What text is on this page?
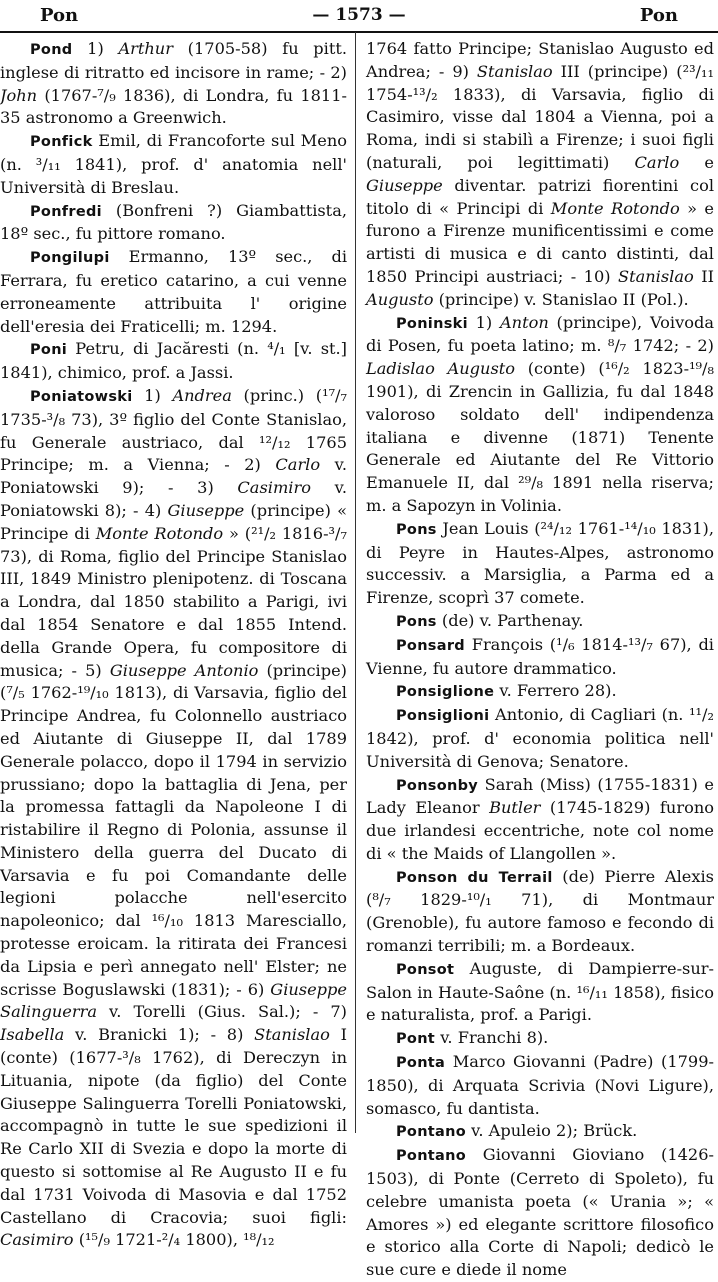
Pon	— 1573 —	Pon

Pond 1) Arthur (1705-58) fu pitt. inglese di ritratto ed incisore in rame; - 2) John (1767-⁷/₉ 1836), di Londra, fu 1811-35 astronomo a Greenwich.

Ponfick Emil, di Francoforte sul Meno (n. ³/₁₁ 1841), prof. d' anatomia nell' Università di Breslau.

Ponfredi (Bonfreni ?) Giambattista, 18º sec., fu pittore romano.

Pongilupi Ermanno, 13º sec., di Ferrara, fu eretico catarino, a cui venne erroneamente attribuita l' origine dell'eresia dei Fraticelli; m. 1294.

Poni Petru, di Jacăresti (n. ⁴/₁ [v. st.] 1841), chimico, prof. a Jassi.

Poniatowski 1) Andrea (princ.) (¹⁷/₇ 1735-³/₈ 73), 3º figlio del Conte Stanislao, fu Generale austriaco, dal ¹²/₁₂ 1765 Principe; m. a Vienna; - 2) Carlo v. Poniatowski 9); - 3) Casimiro v. Poniatowski 8); - 4) Giuseppe (principe) « Principe di Monte Rotondo » (²¹/₂ 1816-³/₇ 73), di Roma, figlio del Principe Stanislao III, 1849 Ministro plenipotenz. di Toscana a Londra, dal 1850 stabilito a Parigi, ivi dal 1854 Senatore e dal 1855 Intend. della Grande Opera, fu compositore di musica; - 5) Giuseppe Antonio (principe) (⁷/₅ 1762-¹⁹/₁₀ 1813), di Varsavia, figlio del Principe Andrea, fu Colonnello austriaco ed Aiutante di Giuseppe II, dal 1789 Generale polacco, dopo il 1794 in servizio prussiano; dopo la battaglia di Jena, per la promessa fattagli da Napoleone I di ristabilire il Regno di Polonia, assunse il Ministero della guerra del Ducato di Varsavia e fu poi Comandante delle legioni polacche nell'esercito napoleonico; dal ¹⁶/₁₀ 1813 Maresciallo, protesse eroicam. la ritirata dei Francesi da Lipsia e perì annegato nell' Elster; ne scrisse Boguslawski (1831); - 6) Giuseppe Salinguerra v. Torelli (Gius. Sal.); - 7) Isabella v. Branicki 1); - 8) Stanislao I (conte) (1677-³/₈ 1762), di Dereczyn in Lituania, nipote (da figlio) del Conte Giuseppe Salinguerra Torelli Poniatowski, accompagnò in tutte le sue spedizioni il Re Carlo XII di Svezia e dopo la morte di questo si sottomise al Re Augusto II e fu dal 1731 Voivoda di Masovia e dal 1752 Castellano di Cracovia; suoi figli: Casimiro (¹⁵/₉ 1721-²/₄ 1800), ¹⁸/₁₂

1764 fatto Principe; Stanislao Augusto ed Andrea; - 9) Stanislao III (principe) (²³/₁₁ 1754-¹³/₂ 1833), di Varsavia, figlio di Casimiro, visse dal 1804 a Vienna, poi a Roma, indi si stabilì a Firenze; i suoi figli (naturali, poi legittimati) Carlo e Giuseppe diventar. patrizi fiorentini col titolo di « Principi di Monte Rotondo » e furono a Firenze munificentissimi e come artisti di musica e di canto distinti, dal 1850 Principi austriaci; - 10) Stanislao II Augusto (principe) v. Stanislao II (Pol.).

Poninski 1) Anton (principe), Voivoda di Posen, fu poeta latino; m. ⁸/₇ 1742; - 2) Ladislao Augusto (conte) (¹⁶/₂ 1823-¹⁹/₈ 1901), di Zrencin in Gallizia, fu dal 1848 valoroso soldato dell' indipendenza italiana e divenne (1871) Tenente Generale ed Aiutante del Re Vittorio Emanuele II, dal ²⁹/₈ 1891 nella riserva; m. a Sapozyn in Volinia.

Pons Jean Louis (²⁴/₁₂ 1761-¹⁴/₁₀ 1831), di Peyre in Hautes-Alpes, astronomo successiv. a Marsiglia, a Parma ed a Firenze, scoprì 37 comete.

Pons (de) v. Parthenay.

Ponsard François (¹/₆ 1814-¹³/₇ 67), di Vienne, fu autore drammatico.

Ponsiglione v. Ferrero 28).

Ponsiglioni Antonio, di Cagliari (n. ¹¹/₂ 1842), prof. d' economia politica nell' Università di Genova; Senatore.

Ponsonby Sarah (Miss) (1755-1831) e Lady Eleanor Butler (1745-1829) furono due irlandesi eccentriche, note col nome di « the Maids of Llangollen ».

Ponson du Terrail (de) Pierre Alexis (⁸/₇ 1829-¹⁰/₁ 71), di Montmaur (Grenoble), fu autore famoso e fecondo di romanzi terribili; m. a Bordeaux.

Ponsot Auguste, di Dampierre-sur-Salon in Haute-Saône (n. ¹⁶/₁₁ 1858), fisico e naturalista, prof. a Parigi.

Pont v. Franchi 8).

Ponta Marco Giovanni (Padre) (1799-1850), di Arquata Scrivia (Novi Ligure), somasco, fu dantista.

Pontano v. Apuleio 2); Brück.

Pontano Giovanni Gioviano (1426-1503), di Ponte (Cerreto di Spoleto), fu celebre umanista poeta (« Urania »; « Amores ») ed elegante scrittore filosofico e storico alla Corte di Napoli; dedicò le sue cure e diede il nome
